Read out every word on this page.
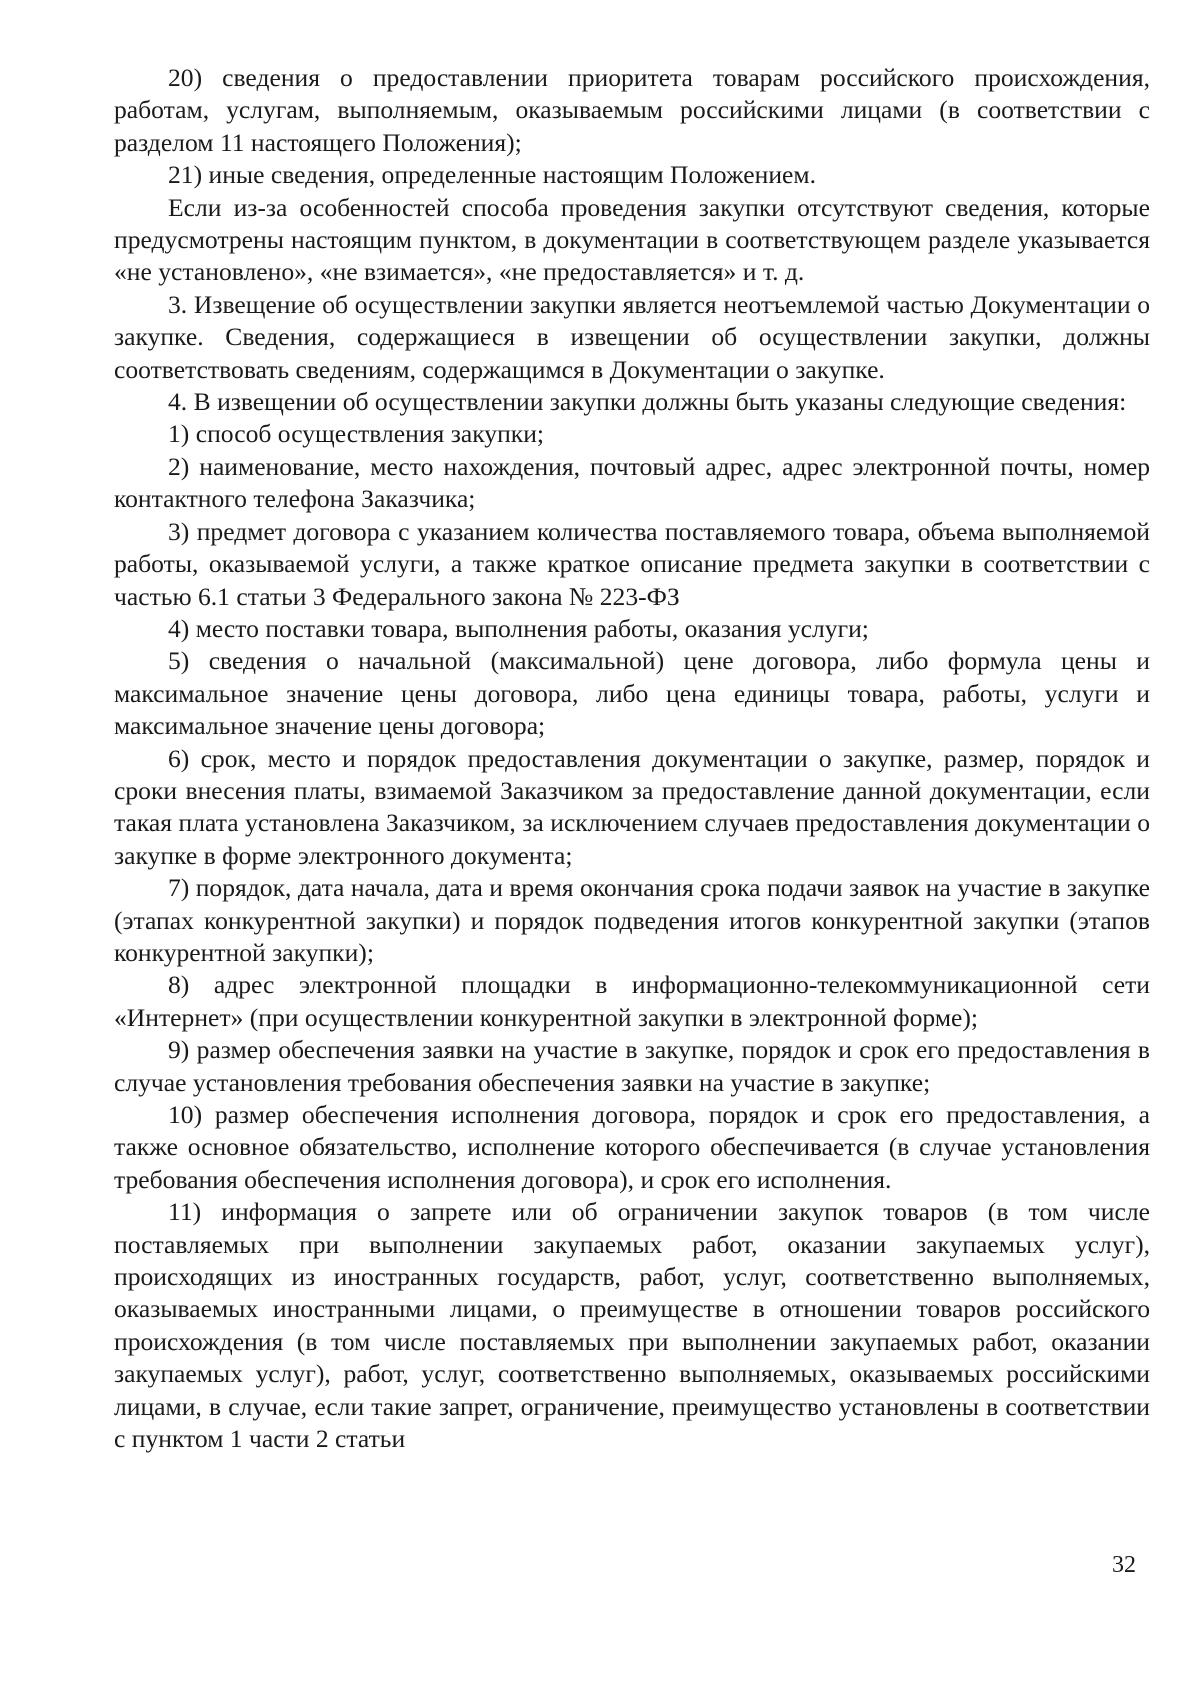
20) сведения о предоставлении приоритета товарам российского происхождения, работам, услугам, выполняемым, оказываемым российскими лицами (в соответствии с разделом 11 настоящего Положения);

21) иные сведения, определенные настоящим Положением.

Если из-за особенностей способа проведения закупки отсутствуют сведения, которые предусмотрены настоящим пунктом, в документации в соответствующем разделе указывается «не установлено», «не взимается», «не предоставляется» и т. д.

3. Извещение об осуществлении закупки является неотъемлемой частью Документации о закупке. Сведения, содержащиеся в извещении об осуществлении закупки, должны соответствовать сведениям, содержащимся в Документации о закупке.

4. В извещении об осуществлении закупки должны быть указаны следующие сведения:

1) способ осуществления закупки;

2) наименование, место нахождения, почтовый адрес, адрес электронной почты, номер контактного телефона Заказчика;

3) предмет договора с указанием количества поставляемого товара, объема выполняемой работы, оказываемой услуги, а также краткое описание предмета закупки в соответствии с частью 6.1 статьи 3 Федерального закона № 223-ФЗ

4) место поставки товара, выполнения работы, оказания услуги;

5) сведения о начальной (максимальной) цене договора, либо формула цены и максимальное значение цены договора, либо цена единицы товара, работы, услуги и максимальное значение цены договора;

6) срок, место и порядок предоставления документации о закупке, размер, порядок и сроки внесения платы, взимаемой Заказчиком за предоставление данной документации, если такая плата установлена Заказчиком, за исключением случаев предоставления документации о закупке в форме электронного документа;

7) порядок, дата начала, дата и время окончания срока подачи заявок на участие в закупке (этапах конкурентной закупки) и порядок подведения итогов конкурентной закупки (этапов конкурентной закупки);

8) адрес электронной площадки в информационно-телекоммуникационной сети «Интернет» (при осуществлении конкурентной закупки в электронной форме);

9) размер обеспечения заявки на участие в закупке, порядок и срок его предоставления в случае установления требования обеспечения заявки на участие в закупке;

10) размер обеспечения исполнения договора, порядок и срок его предоставления, а также основное обязательство, исполнение которого обеспечивается (в случае установления требования обеспечения исполнения договора), и срок его исполнения.

11) информация о запрете или об ограничении закупок товаров (в том числе поставляемых при выполнении закупаемых работ, оказании закупаемых услуг), происходящих из иностранных государств, работ, услуг, соответственно выполняемых, оказываемых иностранными лицами, о преимуществе в отношении товаров российского происхождения (в том числе поставляемых при выполнении закупаемых работ, оказании закупаемых услуг), работ, услуг, соответственно выполняемых, оказываемых российскими лицами, в случае, если такие запрет, ограничение, преимущество установлены в соответствии с пунктом 1 части 2 статьи

32
